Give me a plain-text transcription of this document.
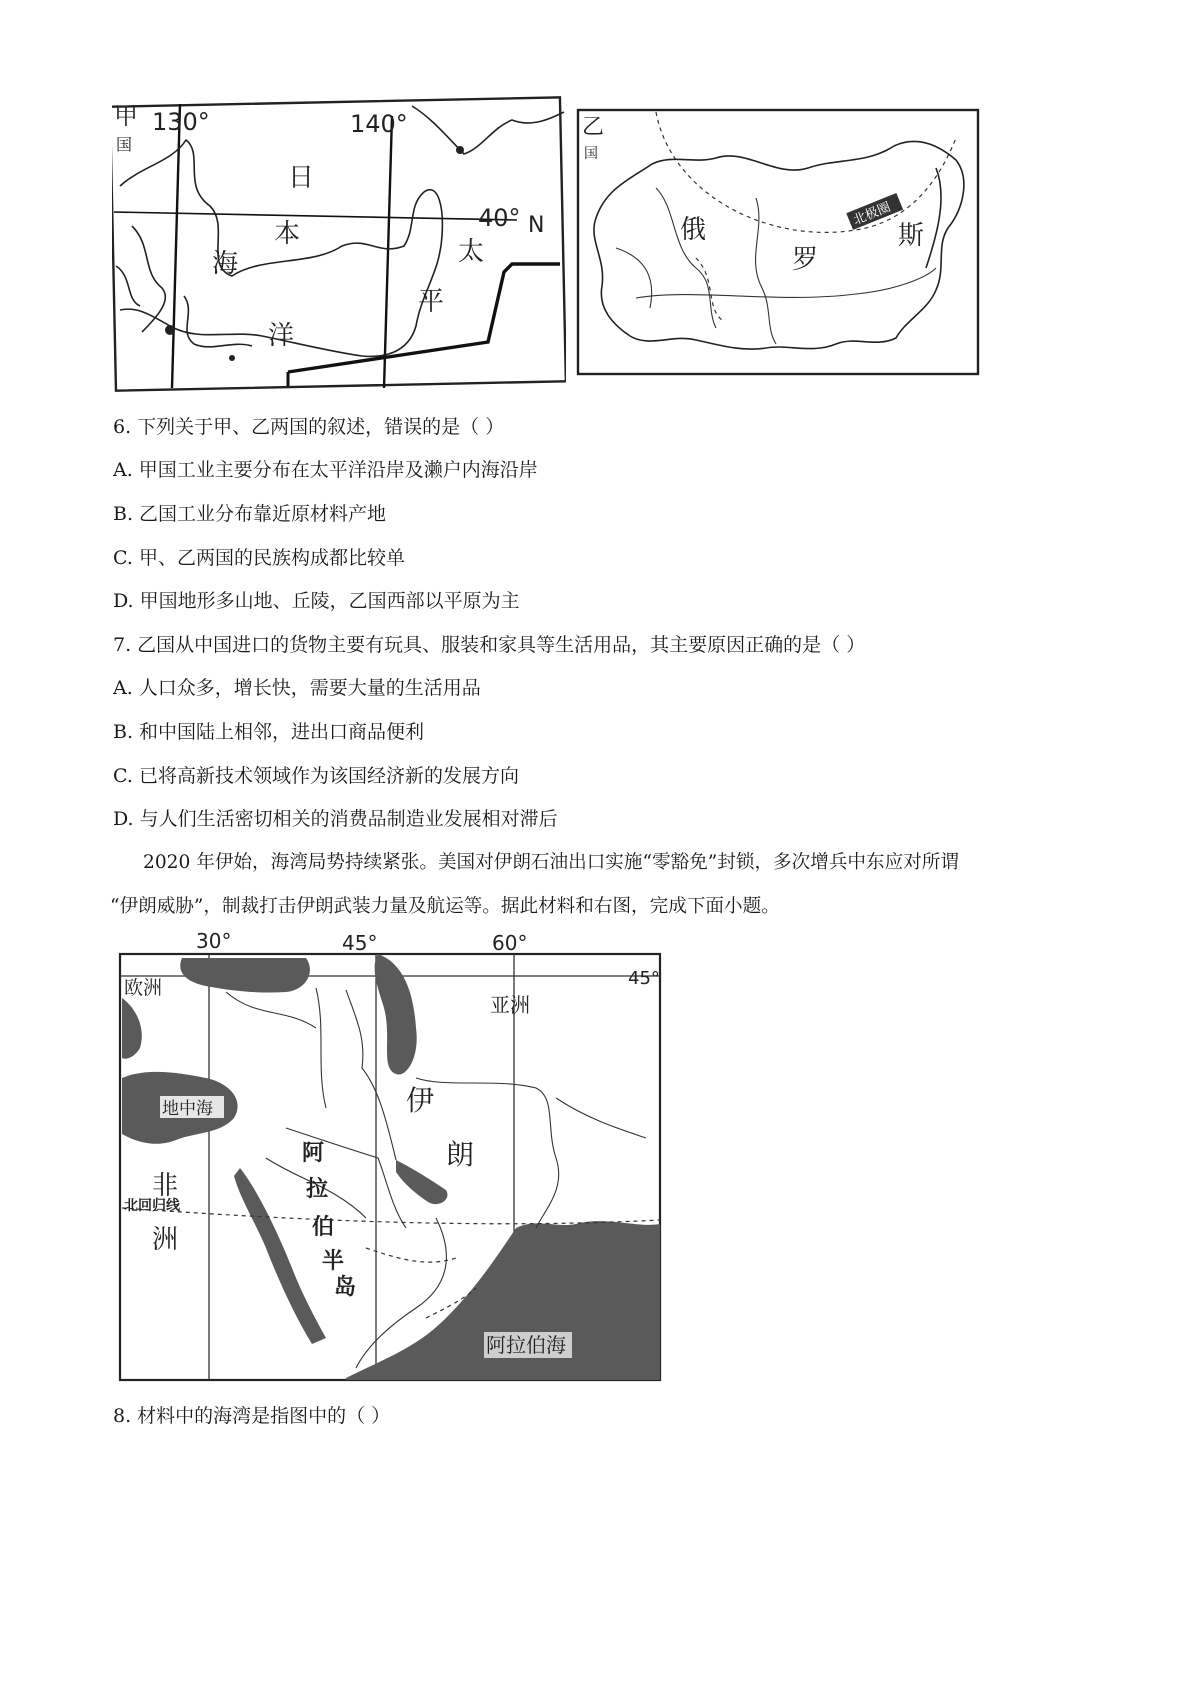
甲
国
130°	140°
40° N
日
本
海	太
平
洋
乙
国
北极圈
俄
罗
斯
6. 下列关于甲、乙两国的叙述，错误的是（ ）
A. 甲国工业主要分布在太平洋沿岸及濑户内海沿岸
B. 乙国工业分布靠近原材料产地
C. 甲、乙两国的民族构成都比较单
D. 甲国地形多山地、丘陵，乙国西部以平原为主
7. 乙国从中国进口的货物主要有玩具、服装和家具等生活用品，其主要原因正确的是（ ）
A. 人口众多，增长快，需要大量的生活用品
B. 和中国陆上相邻，进出口商品便利
C. 已将高新技术领域作为该国经济新的发展方向
D. 与人们生活密切相关的消费品制造业发展相对滞后
2020 年伊始，海湾局势持续紧张。美国对伊朗石油出口实施“零豁免”封锁，多次增兵中东应对所谓
“伊朗威胁”，制裁打击伊朗武装力量及航运等。据此材料和右图，完成下面小题。
30°	45°	60°
45°
欧洲
亚洲
非
洲
伊
朗
阿
拉
伯
半
岛
地中海
阿拉伯海
北回归线
8. 材料中的海湾是指图中的（ ）
